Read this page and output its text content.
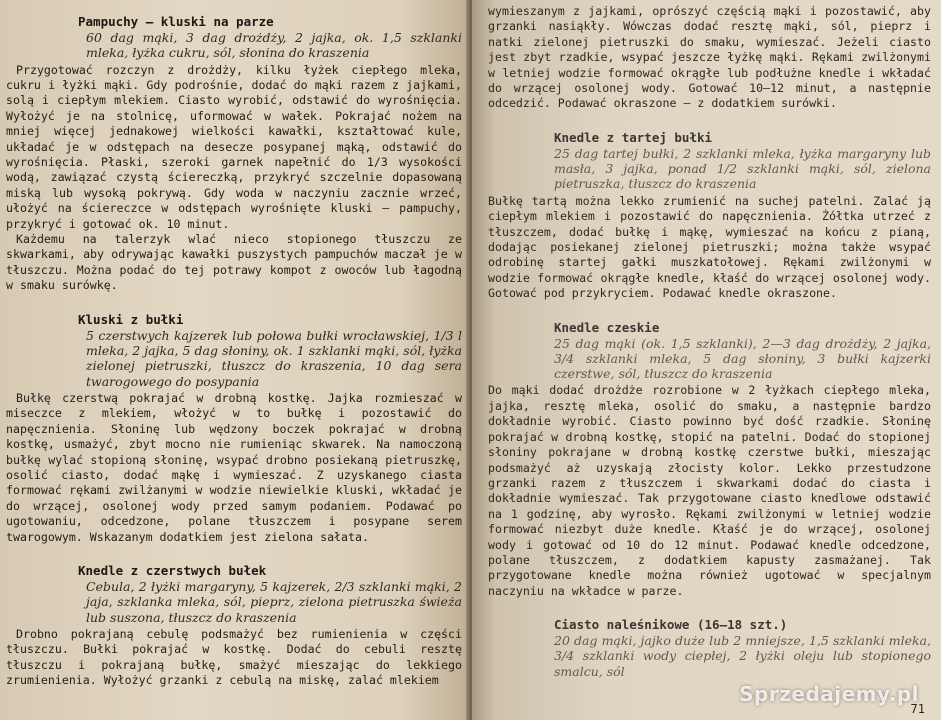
Pampuchy — kluski na parze
60 dag mąki, 3 dag drożdży, 2 jajka, ok. 1,5 szklanki mleka, łyżka cukru, sól, słonina do kraszenia

Przygotować rozczyn z drożdży, kilku łyżek ciepłego mleka, cukru i łyżki mąki. Gdy podrośnie, dodać do mąki razem z jajkami, solą i ciepłym mlekiem. Ciasto wyrobić, odstawić do wyrośnięcia. Wyłożyć je na stolnicę, uformować w wałek. Pokrajać nożem na mniej więcej jednakowej wielkości kawałki, kształtować kule, układać je w odstępach na desecze posypanej mąką, odstawić do wyrośnięcia. Płaski, szeroki garnek napełnić do 1/3 wysokości wodą, zawiązać czystą ściereczką, przykryć szczelnie dopasowaną miską lub wysoką pokrywą. Gdy woda w naczyniu zacznie wrzeć, ułożyć na ściereczce w odstępach wyrośnięte kluski — pampuchy, przykryć i gotować ok. 10 minut.

Każdemu na talerzyk wlać nieco stopionego tłuszczu ze skwarkami, aby odrywając kawałki puszystych pampuchów maczał je w tłuszczu. Można podać do tej potrawy kompot z owoców lub łagodną w smaku surówkę.

Kluski z bułki
5 czerstwych kajzerek lub połowa bułki wrocławskiej, 1/3 l mleka, 2 jajka, 5 dag słoniny, ok. 1 szklanki mąki, sól, łyżka zielonej pietruszki, tłuszcz do kraszenia, 10 dag sera twarogowego do posypania

Bułkę czerstwą pokrajać w drobną kostkę. Jajka rozmieszać w miseczce z mlekiem, włożyć w to bułkę i pozostawić do napęcznienia. Słoninę lub wędzony boczek pokrajać w drobną kostkę, usmażyć, zbyt mocno nie rumieniąc skwarek. Na namoczoną bułkę wylać stopioną słoninę, wsypać drobno posiekaną pietruszkę, osolić ciasto, dodać mąkę i wymieszać. Z uzyskanego ciasta formować rękami zwilżanymi w wodzie niewielkie kluski, wkładać je do wrzącej, osolonej wody przed samym podaniem. Podawać po ugotowaniu, odcedzone, polane tłuszczem i posypane serem twarogowym. Wskazanym dodatkiem jest zielona sałata.

Knedle z czerstwych bułek
Cebula, 2 łyżki margaryny, 5 kajzerek, 2/3 szklanki mąki, 2 jaja, szklanka mleka, sól, pieprz, zielona pietruszka świeża lub suszona, tłuszcz do kraszenia

Drobno pokrajaną cebulę podsmażyć bez rumienienia w części tłuszczu. Bułki pokrajać w kostkę. Dodać do cebuli resztę tłuszczu i pokrajaną bułkę, smażyć mieszając do lekkiego zrumienienia. Wyłożyć grzanki z cebulą na miskę, zalać mlekiem

wymieszanym z jajkami, oprószyć częścią mąki i pozostawić, aby grzanki nasiąkły. Wówczas dodać resztę mąki, sól, pieprz i natki zielonej pietruszki do smaku, wymieszać. Jeżeli ciasto jest zbyt rzadkie, wsypać jeszcze łyżkę mąki. Rękami zwilżonymi w letniej wodzie formować okrągłe lub podłużne knedle i wkładać do wrzącej osolonej wody. Gotować 10—12 minut, a następnie odcedzić. Podawać okraszone — z dodatkiem surówki.

Knedle z tartej bułki
25 dag tartej bułki, 2 szklanki mleka, łyżka margaryny lub masła, 3 jajka, ponad 1/2 szklanki mąki, sól, zielona pietruszka, tłuszcz do kraszenia

Bułkę tartą można lekko zrumienić na suchej patelni. Zalać ją ciepłym mlekiem i pozostawić do napęcznienia. Żółtka utrzeć z tłuszczem, dodać bułkę i mąkę, wymieszać na końcu z pianą, dodając posiekanej zielonej pietruszki; można także wsypać odrobinę startej gałki muszkatołowej. Rękami zwilżonymi w wodzie formować okrągłe knedle, kłaść do wrzącej osolonej wody. Gotować pod przykryciem. Podawać knedle okraszone.

Knedle czeskie
25 dag mąki (ok. 1,5 szklanki), 2—3 dag drożdży, 2 jajka, 3/4 szklanki mleka, 5 dag słoniny, 3 bułki kajzerki czerstwe, sól, tłuszcz do kraszenia

Do mąki dodać drożdże rozrobione w 2 łyżkach ciepłego mleka, jajka, resztę mleka, osolić do smaku, a następnie bardzo dokładnie wyrobić. Ciasto powinno być dość rzadkie. Słoninę pokrajać w drobną kostkę, stopić na patelni. Dodać do stopionej słoniny pokrajane w drobną kostkę czerstwe bułki, mieszając podsmażyć aż uzyskają złocisty kolor. Lekko przestudzone grzanki razem z tłuszczem i skwarkami dodać do ciasta i dokładnie wymieszać. Tak przygotowane ciasto knedlowe odstawić na 1 godzinę, aby wyrosło. Rękami zwilżonymi w letniej wodzie formować niezbyt duże knedle. Kłaść je do wrzącej, osolonej wody i gotować od 10 do 12 minut. Podawać knedle odcedzone, polane tłuszczem, z dodatkiem kapusty zasmażanej. Tak przygotowane knedle można również ugotować w specjalnym naczyniu na wkładce w parze.

Ciasto naleśnikowe (16—18 szt.)
20 dag mąki, jajko duże lub 2 mniejsze, 1,5 szklanki mleka, 3/4 szklanki wody ciepłej, 2 łyżki oleju lub stopionego smalcu, sól
Sprzedajemy.pl
71
